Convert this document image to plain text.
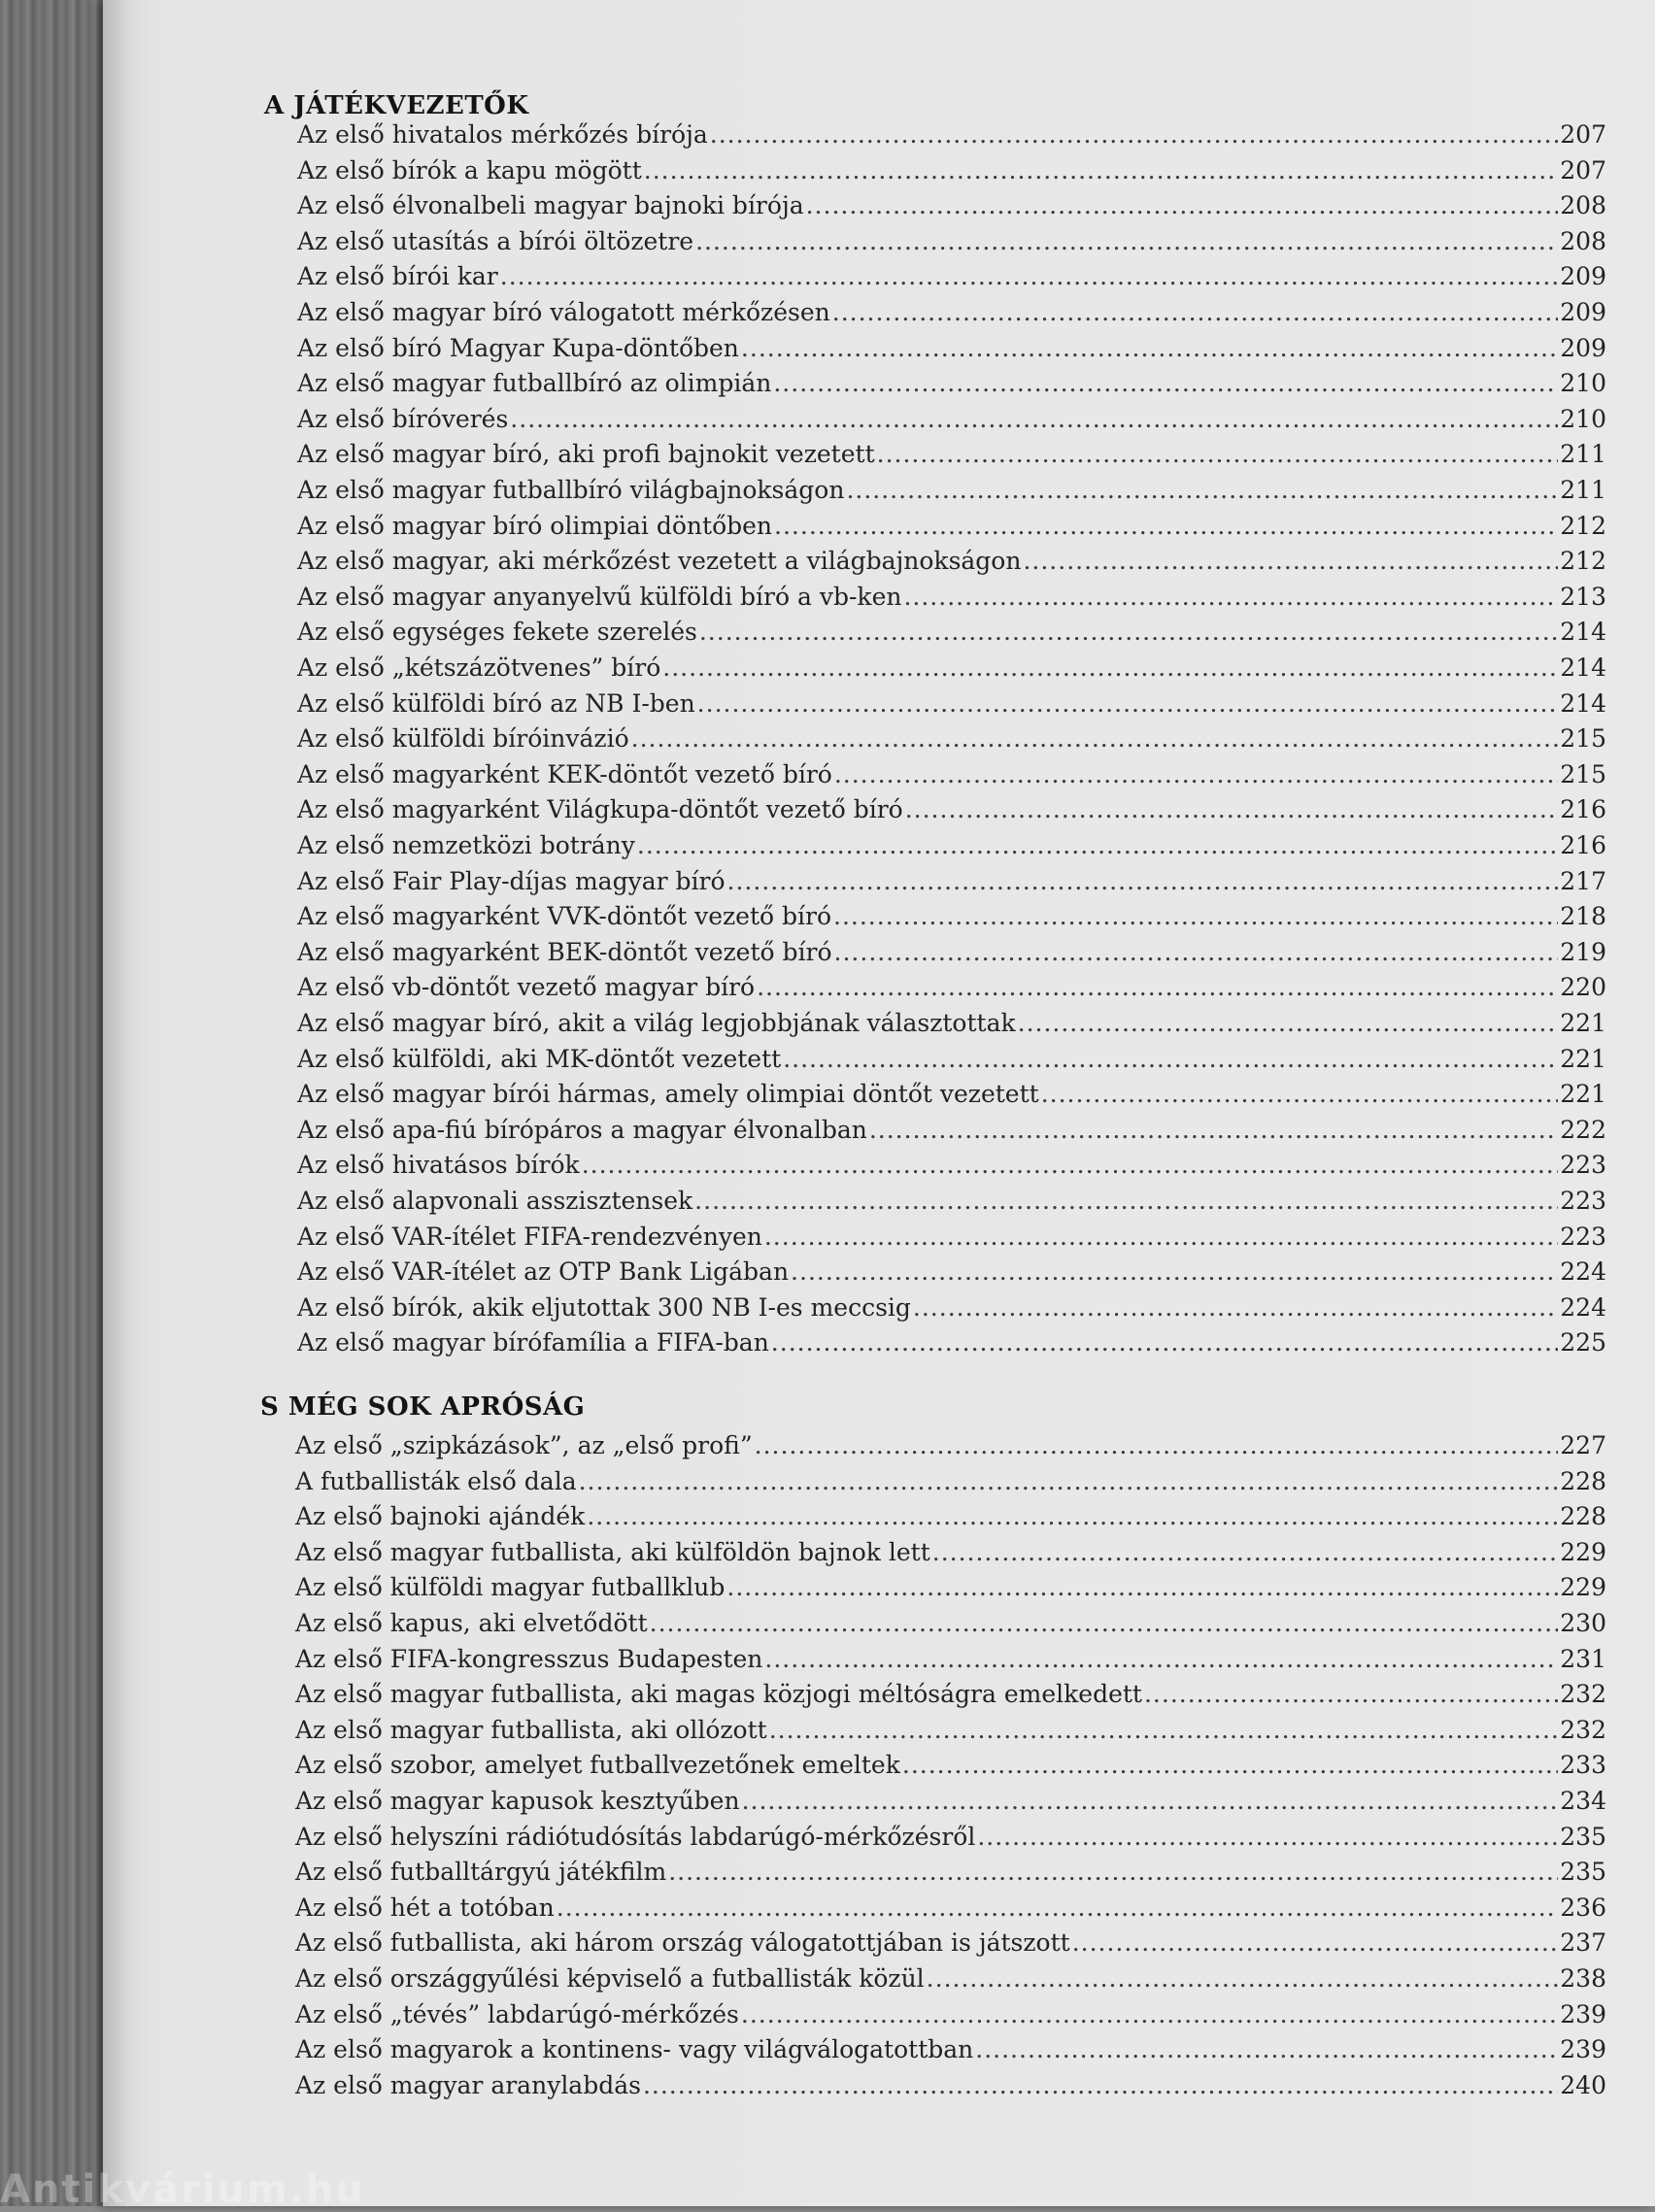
A JÁTÉKVEZETŐK
Az első hivatalos mérkőzés bírója .....	207
Az első bírók a kapu mögött .....	207
Az első élvonalbeli magyar bajnoki bírója .....	208
Az első utasítás a bírói öltözetre .....	208
Az első bírói kar .....	209
Az első magyar bíró válogatott mérkőzésen .....	209
Az első bíró Magyar Kupa-döntőben .....	209
Az első magyar futballbíró az olimpián .....	210
Az első bíróverés .....	210
Az első magyar bíró, aki profi bajnokit vezetett .....	211
Az első magyar futballbíró világbajnokságon .....	211
Az első magyar bíró olimpiai döntőben .....	212
Az első magyar, aki mérkőzést vezetett a világbajnokságon .....	212
Az első magyar anyanyelvű külföldi bíró a vb-ken .....	213
Az első egységes fekete szerelés .....	214
Az első „kétszázötvenes” bíró .....	214
Az első külföldi bíró az NB I-ben .....	214
Az első külföldi bíróinvázió .....	215
Az első magyarként KEK-döntőt vezető bíró .....	215
Az első magyarként Világkupa-döntőt vezető bíró .....	216
Az első nemzetközi botrány .....	216
Az első Fair Play-díjas magyar bíró .....	217
Az első magyarként VVK-döntőt vezető bíró .....	218
Az első magyarként BEK-döntőt vezető bíró .....	219
Az első vb-döntőt vezető magyar bíró .....	220
Az első magyar bíró, akit a világ legjobbjának választottak .....	221
Az első külföldi, aki MK-döntőt vezetett .....	221
Az első magyar bírói hármas, amely olimpiai döntőt vezetett .....	221
Az első apa-fiú bírópáros a magyar élvonalban .....	222
Az első hivatásos bírók .....	223
Az első alapvonali asszisztensek .....	223
Az első VAR-ítélet FIFA-rendezvényen .....	223
Az első VAR-ítélet az OTP Bank Ligában .....	224
Az első bírók, akik eljutottak 300 NB I-es meccsig .....	224
Az első magyar bírófamília a FIFA-ban .....	225
S MÉG SOK APRÓSÁG
Az első „szipkázások”, az „első profi” .....	227
A futballisták első dala .....	228
Az első bajnoki ajándék .....	228
Az első magyar futballista, aki külföldön bajnok lett .....	229
Az első külföldi magyar futballklub .....	229
Az első kapus, aki elvetődött .....	230
Az első FIFA-kongresszus Budapesten .....	231
Az első magyar futballista, aki magas közjogi méltóságra emelkedett .....	232
Az első magyar futballista, aki ollózott .....	232
Az első szobor, amelyet futballvezetőnek emeltek .....	233
Az első magyar kapusok kesztyűben .....	234
Az első helyszíni rádiótudósítás labdarúgó-mérkőzésről .....	235
Az első futballtárgyú játékfilm .....	235
Az első hét a totóban .....	236
Az első futballista, aki három ország válogatottjában is játszott .....	237
Az első országgyűlési képviselő a futballisták közül .....	238
Az első „tévés” labdarúgó-mérkőzés .....	239
Az első magyarok a kontinens- vagy világválogatottban .....	239
Az első magyar aranylabdás .....	240
Antikvárium.hu
